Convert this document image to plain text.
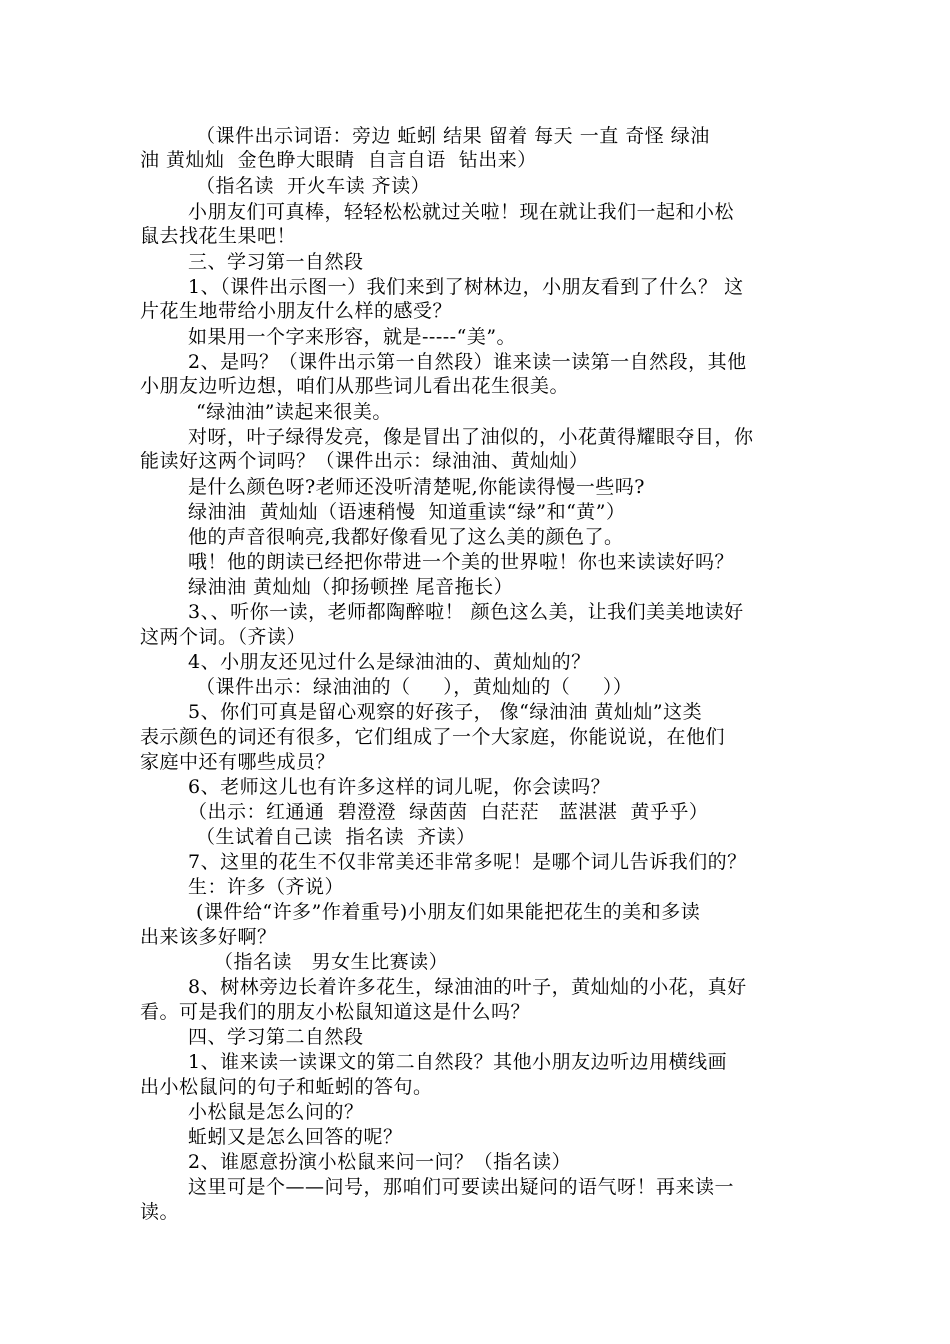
（课件出示词语：旁边 蚯蚓 结果 留着 每天 一直 奇怪 绿油
油 黄灿灿  金色睁大眼睛  自言自语  钻出来）
（指名读  开火车读 齐读）
小朋友们可真棒，轻轻松松就过关啦！现在就让我们一起和小松
鼠去找花生果吧！
三、学习第一自然段
1、（课件出示图一）我们来到了树林边，小朋友看到了什么？ 这
片花生地带给小朋友什么样的感受？
如果用一个字来形容，就是-----“美”。
2、是吗？（课件出示第一自然段）谁来读一读第一自然段，其他
小朋友边听边想，咱们从那些词儿看出花生很美。
“绿油油”读起来很美。
对呀，叶子绿得发亮，像是冒出了油似的，小花黄得耀眼夺目，你
能读好这两个词吗？（课件出示：绿油油、黄灿灿）
是什么颜色呀?老师还没听清楚呢,你能读得慢一些吗?
绿油油  黄灿灿（语速稍慢  知道重读“绿”和“黄”）
他的声音很响亮,我都好像看见了这么美的颜色了。
哦！他的朗读已经把你带进一个美的世界啦！你也来读读好吗？
绿油油 黄灿灿（抑扬顿挫 尾音拖长）
3、、听你一读，老师都陶醉啦！ 颜色这么美，让我们美美地读好
这两个词。（齐读）
4、小朋友还见过什么是绿油油的、黄灿灿的？
（课件出示：绿油油的（     ），黄灿灿的（     ））
5、你们可真是留心观察的好孩子， 像“绿油油 黄灿灿”这类
表示颜色的词还有很多，它们组成了一个大家庭，你能说说，在他们
家庭中还有哪些成员？
6、老师这儿也有许多这样的词儿呢，你会读吗？
（出示：红通通  碧澄澄  绿茵茵  白茫茫   蓝湛湛  黄乎乎）
（生试着自己读  指名读  齐读）
7、这里的花生不仅非常美还非常多呢！是哪个词儿告诉我们的？
生：许多（齐说）
(课件给“许多”作着重号)小朋友们如果能把花生的美和多读
出来该多好啊？
（指名读   男女生比赛读）
8、树林旁边长着许多花生，绿油油的叶子，黄灿灿的小花，真好
看。可是我们的朋友小松鼠知道这是什么吗？
四、学习第二自然段
1、谁来读一读课文的第二自然段？其他小朋友边听边用横线画
出小松鼠问的句子和蚯蚓的答句。
小松鼠是怎么问的？
蚯蚓又是怎么回答的呢？
2、谁愿意扮演小松鼠来问一问？（指名读）
这里可是个——问号，那咱们可要读出疑问的语气呀！再来读一
读。
